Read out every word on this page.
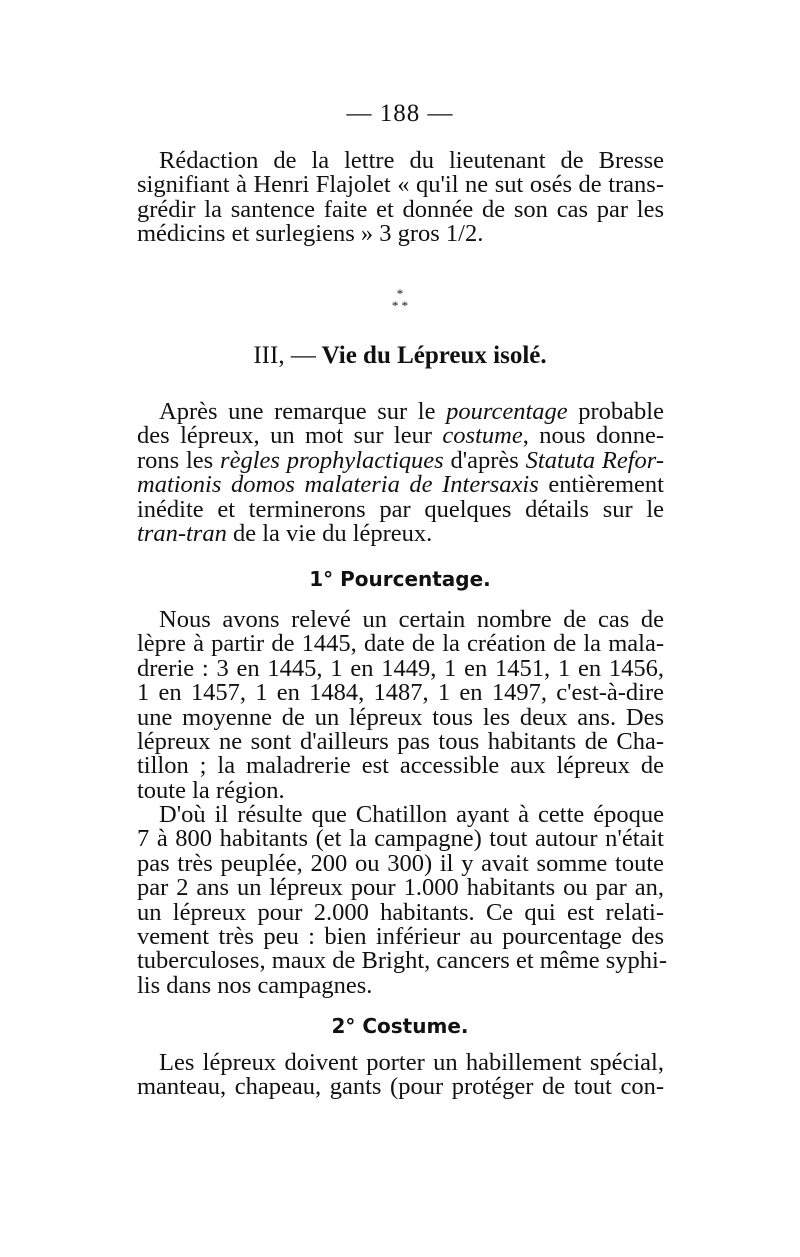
— 188 —
Rédaction de la lettre du lieutenant de Bresse
signifiant à Henri Flajolet « qu'il ne sut osés de trans-
grédir la santence faite et donnée de son cas par les
médicins et surlegiens » 3 gros 1/2.
*
* *
III, — Vie du Lépreux isolé.
Après une remarque sur le pourcentage probable
des lépreux, un mot sur leur costume, nous donne-
rons les règles prophylactiques d'après Statuta Refor-
mationis domos malateria de Intersaxis entièrement
inédite et terminerons par quelques détails sur le
tran-tran de la vie du lépreux.
1° Pourcentage.
Nous avons relevé un certain nombre de cas de
lèpre à partir de 1445, date de la création de la mala-
drerie : 3 en 1445, 1 en 1449, 1 en 1451, 1 en 1456,
1 en 1457, 1 en 1484, 1487, 1 en 1497, c'est-à-dire
une moyenne de un lépreux tous les deux ans. Des
lépreux ne sont d'ailleurs pas tous habitants de Cha-
tillon ; la maladrerie est accessible aux lépreux de
toute la région.
D'où il résulte que Chatillon ayant à cette époque
7 à 800 habitants (et la campagne) tout autour n'était
pas très peuplée, 200 ou 300) il y avait somme toute
par 2 ans un lépreux pour 1.000 habitants ou par an,
un lépreux pour 2.000 habitants. Ce qui est relati-
vement très peu : bien inférieur au pourcentage des
tuberculoses, maux de Bright, cancers et même syphi-
lis dans nos campagnes.
2° Costume.
Les lépreux doivent porter un habillement spécial,
manteau, chapeau, gants (pour protéger de tout con-
